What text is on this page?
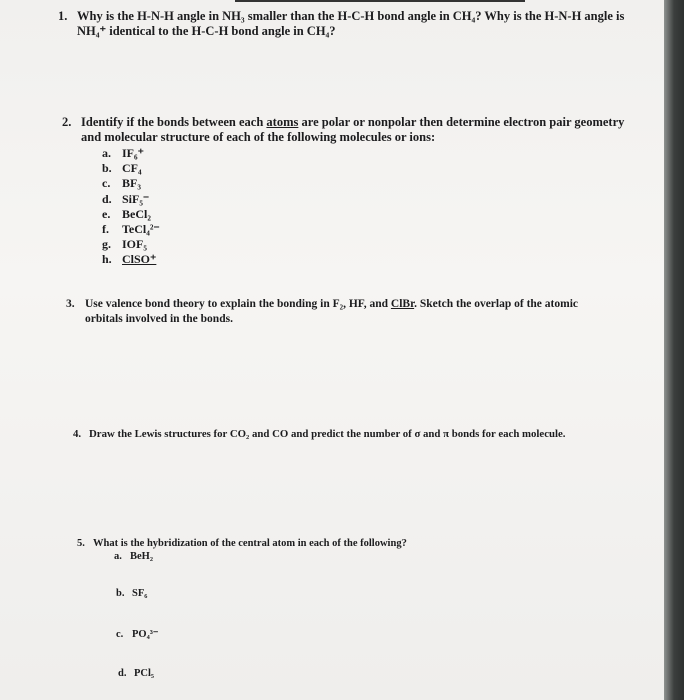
1. Why is the H-N-H angle in NH₃ smaller than the H-C-H bond angle in CH₄? Why is the H-N-H angle is
NH₄⁺ identical to the H-C-H bond angle in CH₄?
2. Identify if the bonds between each atoms are polar or nonpolar then determine electron pair geometry
and molecular structure of each of the following molecules or ions:
a. IF₆⁺
b. CF₄
c. BF₃
d. SiF₅⁻
e. BeCl₂
f. TeCl₄²⁻
g. IOF₅
h. ClSO⁺
3. Use valence bond theory to explain the bonding in F₂, HF, and ClBr. Sketch the overlap of the atomic
orbitals involved in the bonds.
4. Draw the Lewis structures for CO₂ and CO and predict the number of σ and π bonds for each molecule.
5. What is the hybridization of the central atom in each of the following?
a. BeH₂
b. SF₆
c. PO₄³⁻
d. PCl₅
